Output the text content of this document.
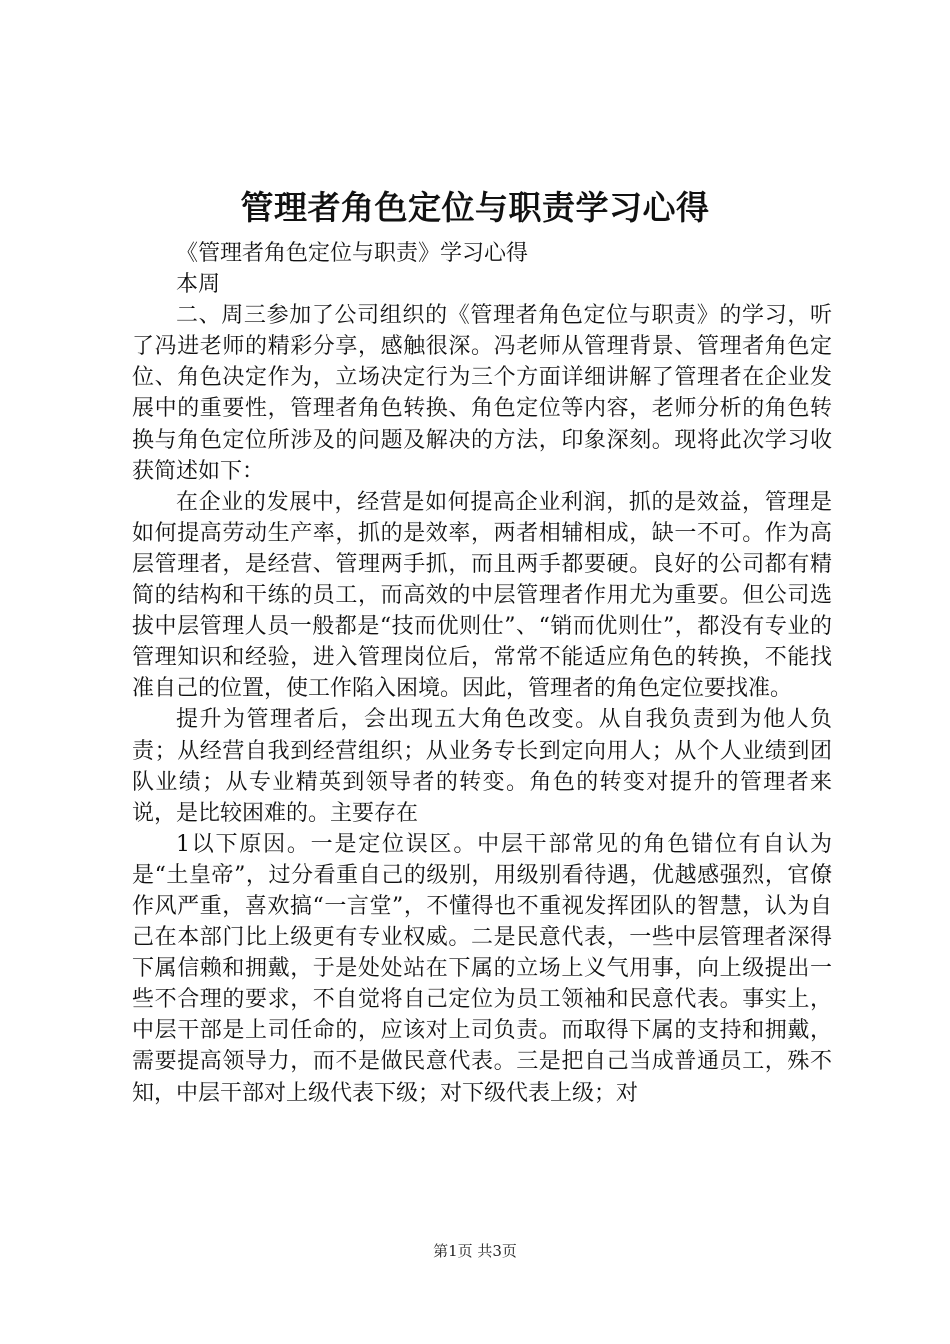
管理者角色定位与职责学习心得

《管理者角色定位与职责》学习心得

本周

二、周三参加了公司组织的《管理者角色定位与职责》的学习，听了冯进老师的精彩分享，感触很深。冯老师从管理背景、管理者角色定位、角色决定作为，立场决定行为三个方面详细讲解了管理者在企业发展中的重要性，管理者角色转换、角色定位等内容，老师分析的角色转换与角色定位所涉及的问题及解决的方法，印象深刻。现将此次学习收获简述如下：

在企业的发展中，经营是如何提高企业利润，抓的是效益，管理是如何提高劳动生产率，抓的是效率，两者相辅相成，缺一不可。作为高层管理者，是经营、管理两手抓，而且两手都要硬。良好的公司都有精简的结构和干练的员工，而高效的中层管理者作用尤为重要。但公司选拔中层管理人员一般都是“技而优则仕”、“销而优则仕”，都没有专业的管理知识和经验，进入管理岗位后，常常不能适应角色的转换，不能找准自己的位置，使工作陷入困境。因此，管理者的角色定位要找准。

提升为管理者后，会出现五大角色改变。从自我负责到为他人负责；从经营自我到经营组织；从业务专长到定向用人；从个人业绩到团队业绩；从专业精英到领导者的转变。角色的转变对提升的管理者来说，是比较困难的。主要存在

1以下原因。一是定位误区。中层干部常见的角色错位有自认为是“土皇帝”，过分看重自己的级别，用级别看待遇，优越感强烈，官僚作风严重，喜欢搞“一言堂”，不懂得也不重视发挥团队的智慧，认为自己在本部门比上级更有专业权威。二是民意代表，一些中层管理者深得下属信赖和拥戴，于是处处站在下属的立场上义气用事，向上级提出一些不合理的要求，不自觉将自己定位为员工领袖和民意代表。事实上，中层干部是上司任命的，应该对上司负责。而取得下属的支持和拥戴，需要提高领导力，而不是做民意代表。三是把自己当成普通员工，殊不知，中层干部对上级代表下级；对下级代表上级；对

第1页 共3页
